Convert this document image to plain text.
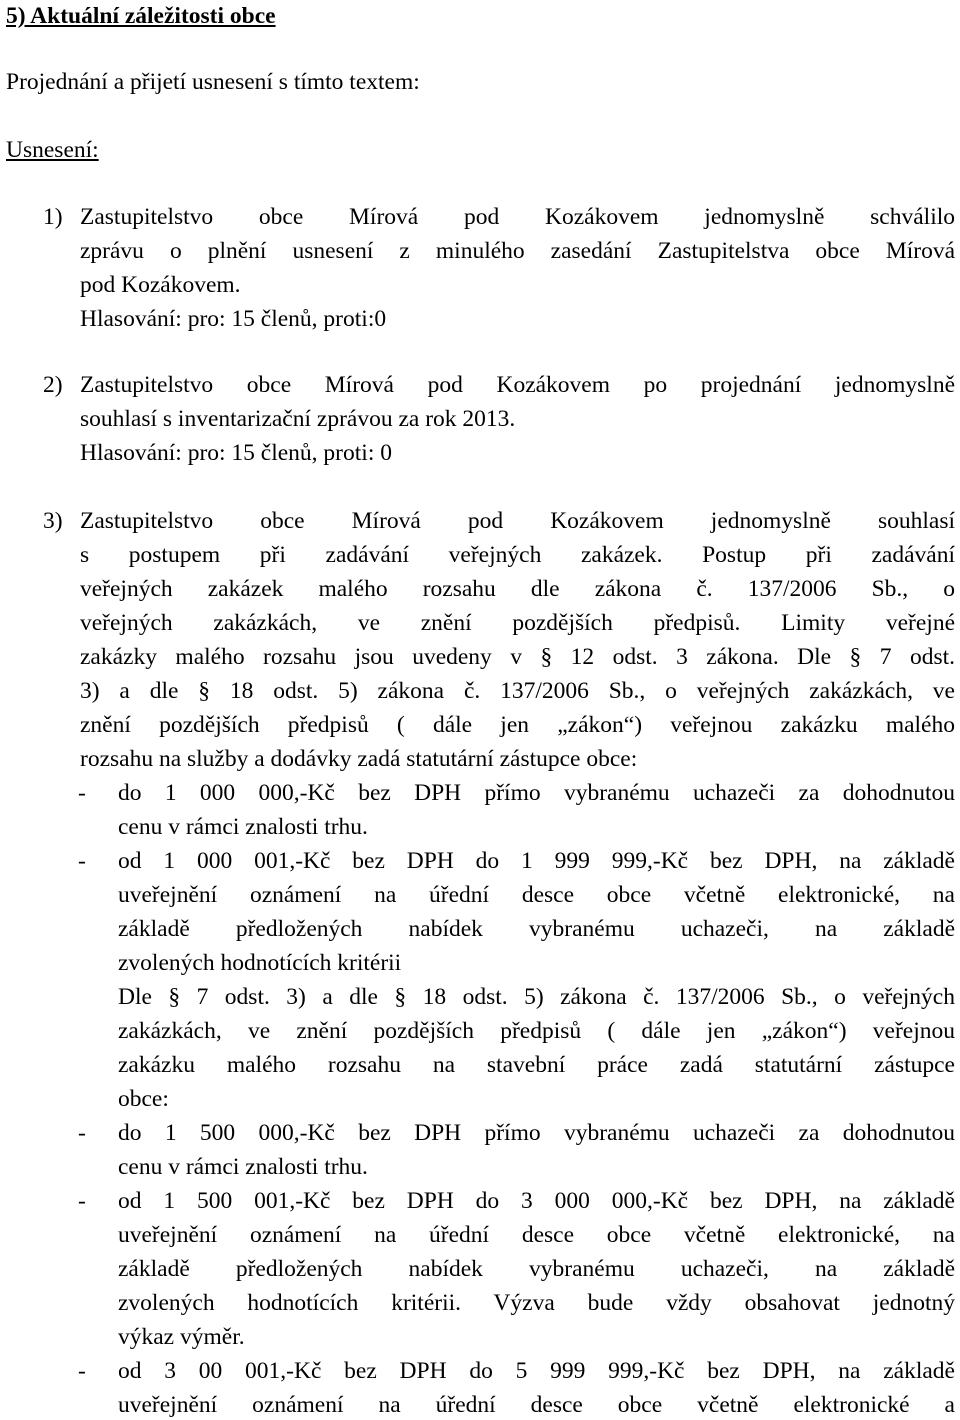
5) Aktuální záležitosti obce
Projednání a přijetí usnesení s tímto textem:
Usnesení:
1) Zastupitelstvo obce Mírová pod Kozákovem jednomyslně schválilo
zprávu o plnění usnesení z minulého zasedání Zastupitelstva obce Mírová
pod Kozákovem.
Hlasování: pro: 15 členů, proti:0
2) Zastupitelstvo obce Mírová pod Kozákovem po projednání jednomyslně
souhlasí s inventarizační zprávou za rok 2013.
Hlasování: pro: 15 členů, proti: 0
3) Zastupitelstvo obce Mírová pod Kozákovem jednomyslně souhlasí
s postupem při zadávání veřejných zakázek. Postup při zadávání
veřejných zakázek malého rozsahu dle zákona č. 137/2006 Sb., o
veřejných zakázkách, ve znění pozdějších předpisů. Limity veřejné
zakázky malého rozsahu jsou uvedeny v § 12 odst. 3 zákona. Dle § 7 odst.
3) a dle § 18 odst. 5) zákona č. 137/2006 Sb., o veřejných zakázkách, ve
znění pozdějších předpisů ( dále jen „zákon“) veřejnou zakázku malého
rozsahu na služby a dodávky zadá statutární zástupce obce:
- do 1 000 000,-Kč bez DPH přímo vybranému uchazeči za dohodnutou
cenu v rámci znalosti trhu.
- od 1 000 001,-Kč bez DPH do 1 999 999,-Kč bez DPH, na základě
uveřejnění oznámení na úřední desce obce včetně elektronické, na
základě předložených nabídek vybranému uchazeči, na základě
zvolených hodnotících kritérii
Dle § 7 odst. 3) a dle § 18 odst. 5) zákona č. 137/2006 Sb., o veřejných
zakázkách, ve znění pozdějších předpisů ( dále jen „zákon“) veřejnou
zakázku malého rozsahu na stavební práce zadá statutární zástupce
obce:
- do 1 500 000,-Kč bez DPH přímo vybranému uchazeči za dohodnutou
cenu v rámci znalosti trhu.
- od 1 500 001,-Kč bez DPH do 3 000 000,-Kč bez DPH, na základě
uveřejnění oznámení na úřední desce obce včetně elektronické, na
základě předložených nabídek vybranému uchazeči, na základě
zvolených hodnotících kritérii. Výzva bude vždy obsahovat jednotný
výkaz výměr.
- od 3 00 001,-Kč bez DPH do 5 999 999,-Kč bez DPH, na základě
uveřejnění oznámení na úřední desce obce včetně elektronické a
